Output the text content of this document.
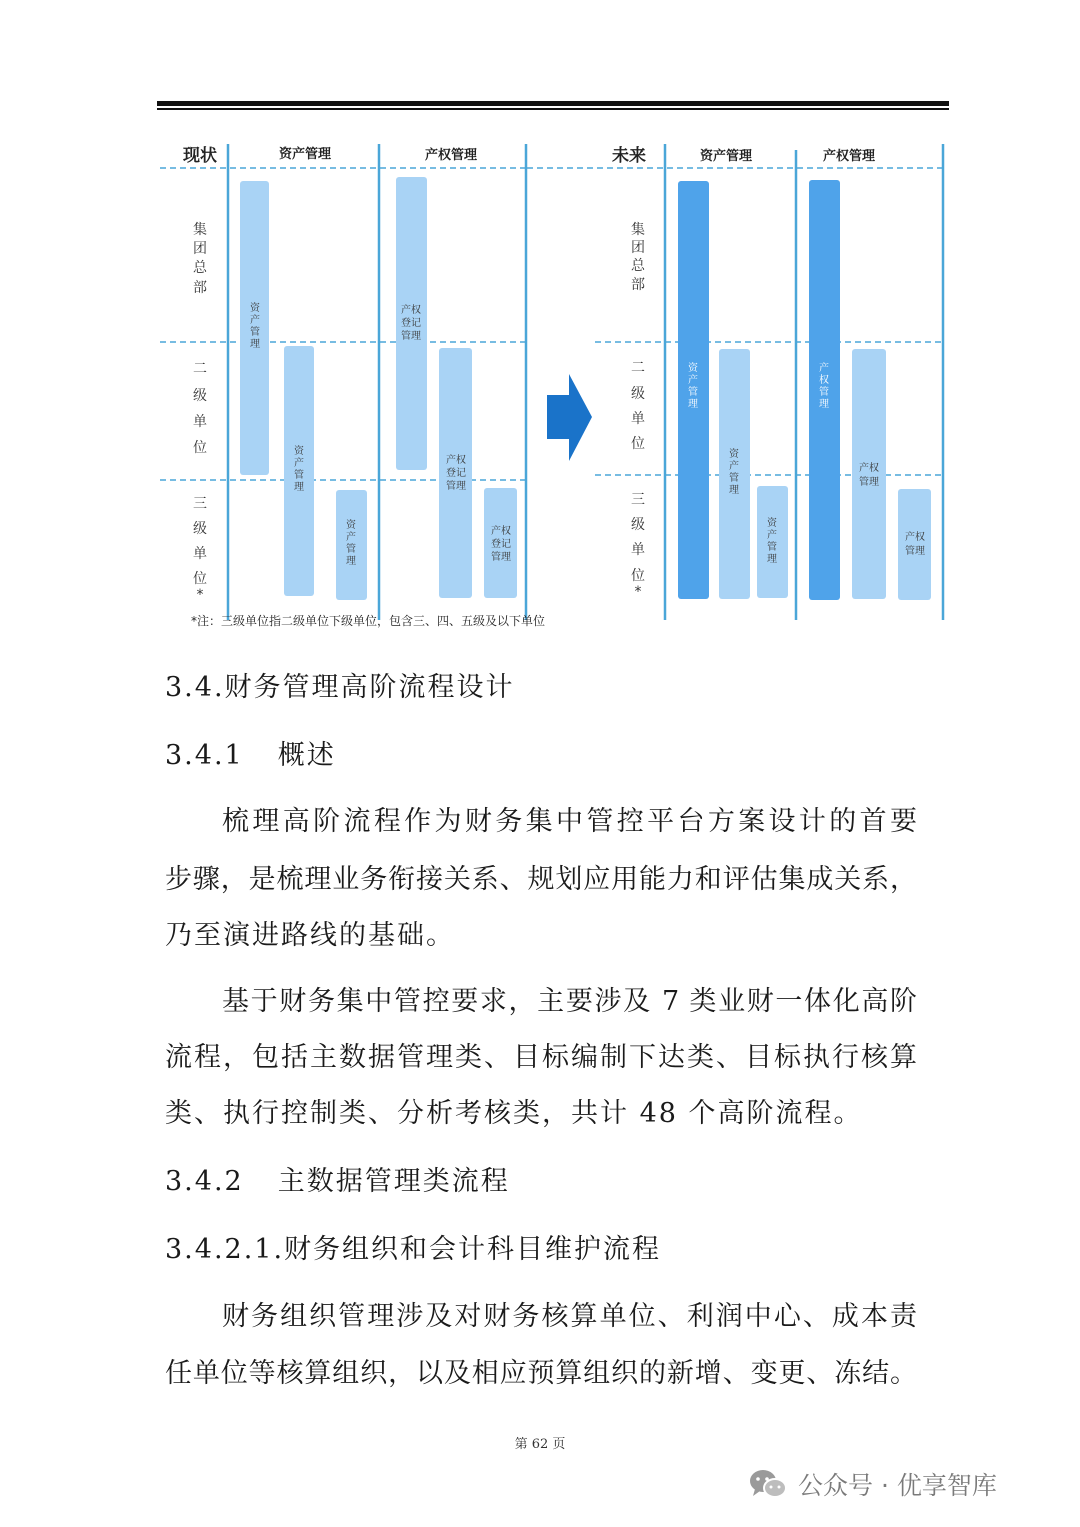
现状	资产管理	产权管理	未来	资产管理	产权管理
集
团
总
部
二
级
单
位
三
级
单
位
*
集
团
总
部
二
级
单
位
三
级
单
位
*
资
产
管
理
资
产
管
理
资
产
管
理
产权
登记
管理
产权
登记
管理
产权
登记
管理
资
产
管
理
资
产
管
理
资
产
管
理
产
权
管
理
产权
管理
产权
管理
*注：三级单位指二级单位下级单位，包含三、四、五级及以下单位
3.4.财务管理高阶流程设计
3.4.1 概述
梳理高阶流程作为财务集中管控平台方案设计的首要
步骤，是梳理业务衔接关系、规划应用能力和评估集成关系，
乃至演进路线的基础。
基于财务集中管控要求，主要涉及 7 类业财一体化高阶
流程，包括主数据管理类、目标编制下达类、目标执行核算
类、执行控制类、分析考核类，共计 48 个高阶流程。
3.4.2 主数据管理类流程
3.4.2.1.财务组织和会计科目维护流程
财务组织管理涉及对财务核算单位、利润中心、成本责
任单位等核算组织，以及相应预算组织的新增、变更、冻结。
第 62 页
公众号 · 优享智库
